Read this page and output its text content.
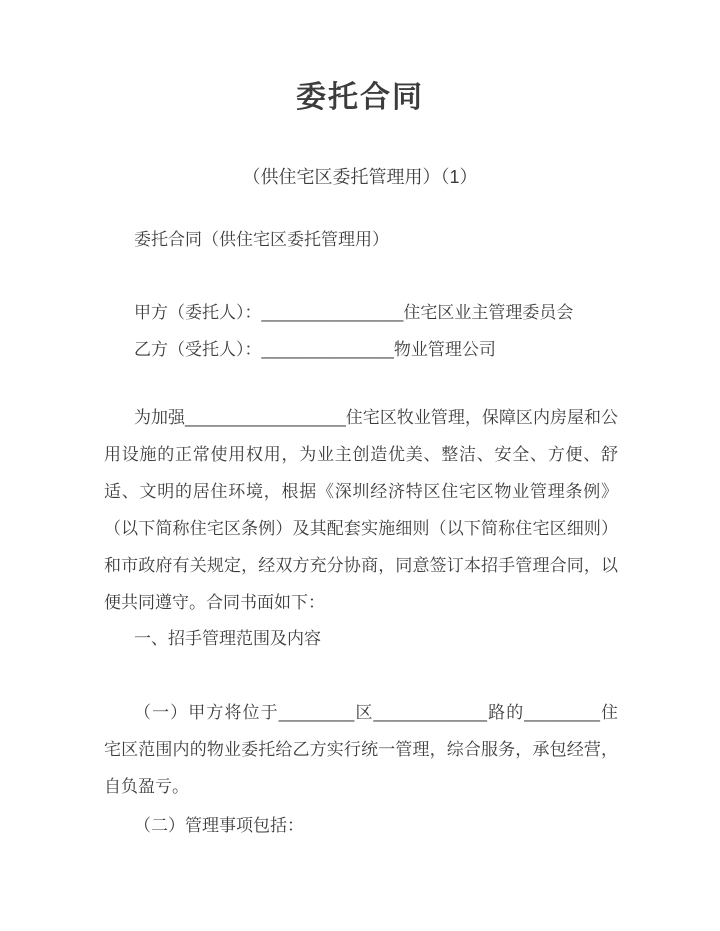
委托合同
（供住宅区委托管理用）（1）

委托合同（供住宅区委托管理用）

甲方（委托人）：_______________住宅区业主管理委员会

乙方（受托人）：______________物业管理公司

为加强_________________住宅区牧业管理，保障区内房屋和公用设施的正常使用权用，为业主创造优美、整洁、安全、方便、舒适、文明的居住环境，根据《深圳经济特区住宅区物业管理条例》（以下简称住宅区条例）及其配套实施细则（以下简称住宅区细则）和市政府有关规定，经双方充分协商，同意签订本招手管理合同，以便共同遵守。合同书面如下：

一、招手管理范围及内容

（一）甲方将位于________区____________路的________住宅区范围内的物业委托给乙方实行统一管理，综合服务，承包经营，自负盈亏。

（二）管理事项包括：
